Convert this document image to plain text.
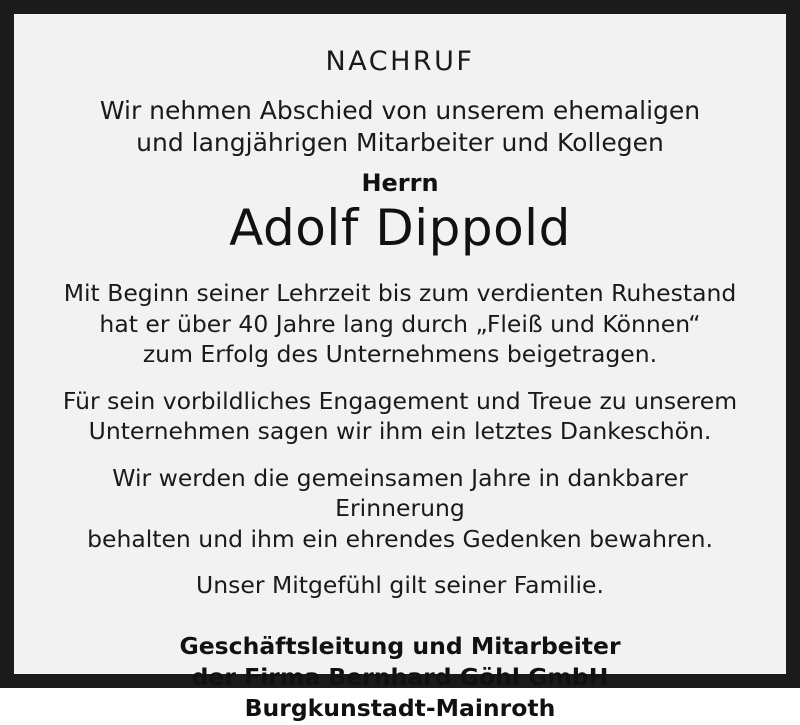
NACHRUF
Wir nehmen Abschied von unserem ehemaligen
und langjährigen Mitarbeiter und Kollegen
Herrn
Adolf Dippold
Mit Beginn seiner Lehrzeit bis zum verdienten Ruhestand
hat er über 40 Jahre lang durch „Fleiß und Können“
zum Erfolg des Unternehmens beigetragen.
Für sein vorbildliches Engagement und Treue zu unserem
Unternehmen sagen wir ihm ein letztes Dankeschön.
Wir werden die gemeinsamen Jahre in dankbarer Erinnerung
behalten und ihm ein ehrendes Gedenken bewahren.
Unser Mitgefühl gilt seiner Familie.
Geschäftsleitung und Mitarbeiter
der Firma Bernhard Göhl GmbH
Burgkunstadt-Mainroth
